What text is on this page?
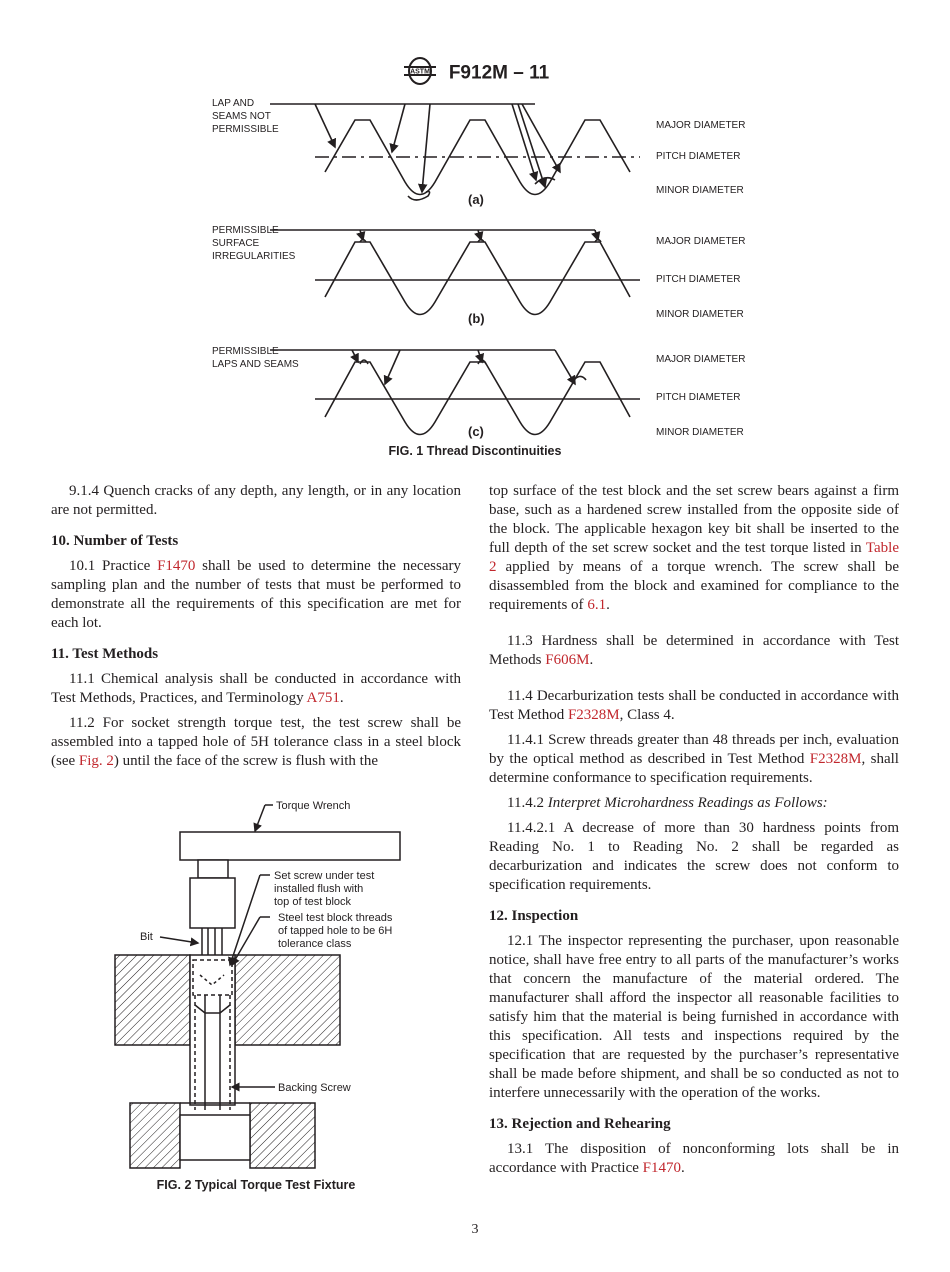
ASTM F912M – 11
LAP AND
SEAMS NOT
PERMISSIBLE
(a)
PERMISSIBLE
SURFACE
IRREGULARITIES
(b)
PERMISSIBLE
LAPS AND SEAMS
(c)
MAJOR DIAMETER
PITCH DIAMETER
MINOR DIAMETER
MAJOR DIAMETER
PITCH DIAMETER
MINOR DIAMETER
MAJOR DIAMETER
PITCH DIAMETER
MINOR DIAMETER
FIG. 1 Thread Discontinuities

9.1.4 Quench cracks of any depth, any length, or in any location are not permitted.

10. Number of Tests

10.1 Practice F1470 shall be used to determine the necessary sampling plan and the number of tests that must be performed to demonstrate all the requirements of this specification are met for each lot.

11. Test Methods

11.1 Chemical analysis shall be conducted in accordance with Test Methods, Practices, and Terminology A751.

11.2 For socket strength torque test, the test screw shall be assembled into a tapped hole of 5H tolerance class in a steel block (see Fig. 2) until the face of the screw is flush with the

Torque Wrench
Set screw under test
installed flush with
top of test block
Steel test block threads
of tapped hole to be 6H
tolerance class
Bit
Backing Screw
FIG. 2 Typical Torque Test Fixture

top surface of the test block and the set screw bears against a firm base, such as a hardened screw installed from the opposite side of the block. The applicable hexagon key bit shall be inserted to the full depth of the set screw socket and the test torque listed in Table 2 applied by means of a torque wrench. The screw shall be disassembled from the block and examined for compliance to the requirements of 6.1.

11.3 Hardness shall be determined in accordance with Test Methods F606M.

11.4 Decarburization tests shall be conducted in accordance with Test Method F2328M, Class 4.

11.4.1 Screw threads greater than 48 threads per inch, evaluation by the optical method as described in Test Method F2328M, shall determine conformance to specification requirements.

11.4.2 Interpret Microhardness Readings as Follows:

11.4.2.1 A decrease of more than 30 hardness points from Reading No. 1 to Reading No. 2 shall be regarded as decarburization and indicates the screw does not conform to specification requirements.

12. Inspection

12.1 The inspector representing the purchaser, upon reasonable notice, shall have free entry to all parts of the manufacturer’s works that concern the manufacture of the material ordered. The manufacturer shall afford the inspector all reasonable facilities to satisfy him that the material is being furnished in accordance with this specification. All tests and inspections required by the specification that are requested by the purchaser’s representative shall be made before shipment, and shall be so conducted as not to interfere unnecessarily with the operation of the works.

13. Rejection and Rehearing

13.1 The disposition of nonconforming lots shall be in accordance with Practice F1470.

3
